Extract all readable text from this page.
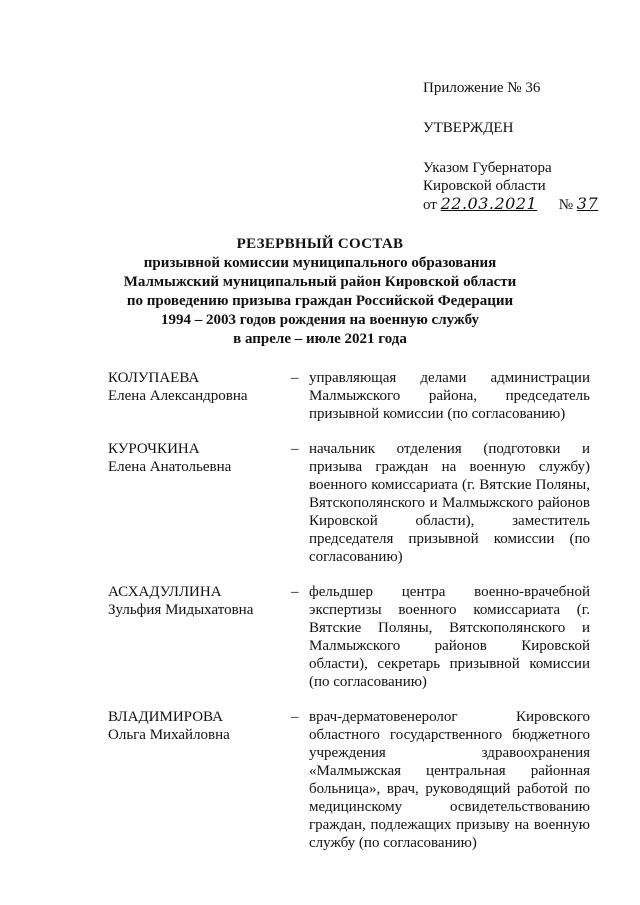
Приложение № 36
УТВЕРЖДЕН
Указом Губернатора
Кировской области
от 22.03.2021 № 37
РЕЗЕРВНЫЙ СОСТАВ
призывной комиссии муниципального образования
Малмыжский муниципальный район Кировской области
по проведению призыва граждан Российской Федерации
1994 – 2003 годов рождения на военную службу
в апреле – июле 2021 года
КОЛУПАЕВА
Елена Александровна
– управляющая делами администрации Малмыжского района, председатель призывной комиссии (по согласованию)
КУРОЧКИНА
Елена Анатольевна
– начальник отделения (подготовки и призыва граждан на военную службу) военного комиссариата (г. Вятские Поляны, Вятскополянского и Малмыжского районов Кировской области), заместитель председателя призывной комиссии (по согласованию)
АСХАДУЛЛИНА
Зульфия Мидыхатовна
– фельдшер центра военно-врачебной экспертизы военного комиссариата (г. Вятские Поляны, Вятскополянского и Малмыжского районов Кировской области), секретарь призывной комиссии (по согласованию)
ВЛАДИМИРОВА
Ольга Михайловна
– врач-дерматовенеролог Кировского областного государственного бюджетного учреждения здравоохранения «Малмыжская центральная районная больница», врач, руководящий работой по медицинскому освидетельствованию граждан, подлежащих призыву на военную службу (по согласованию)
